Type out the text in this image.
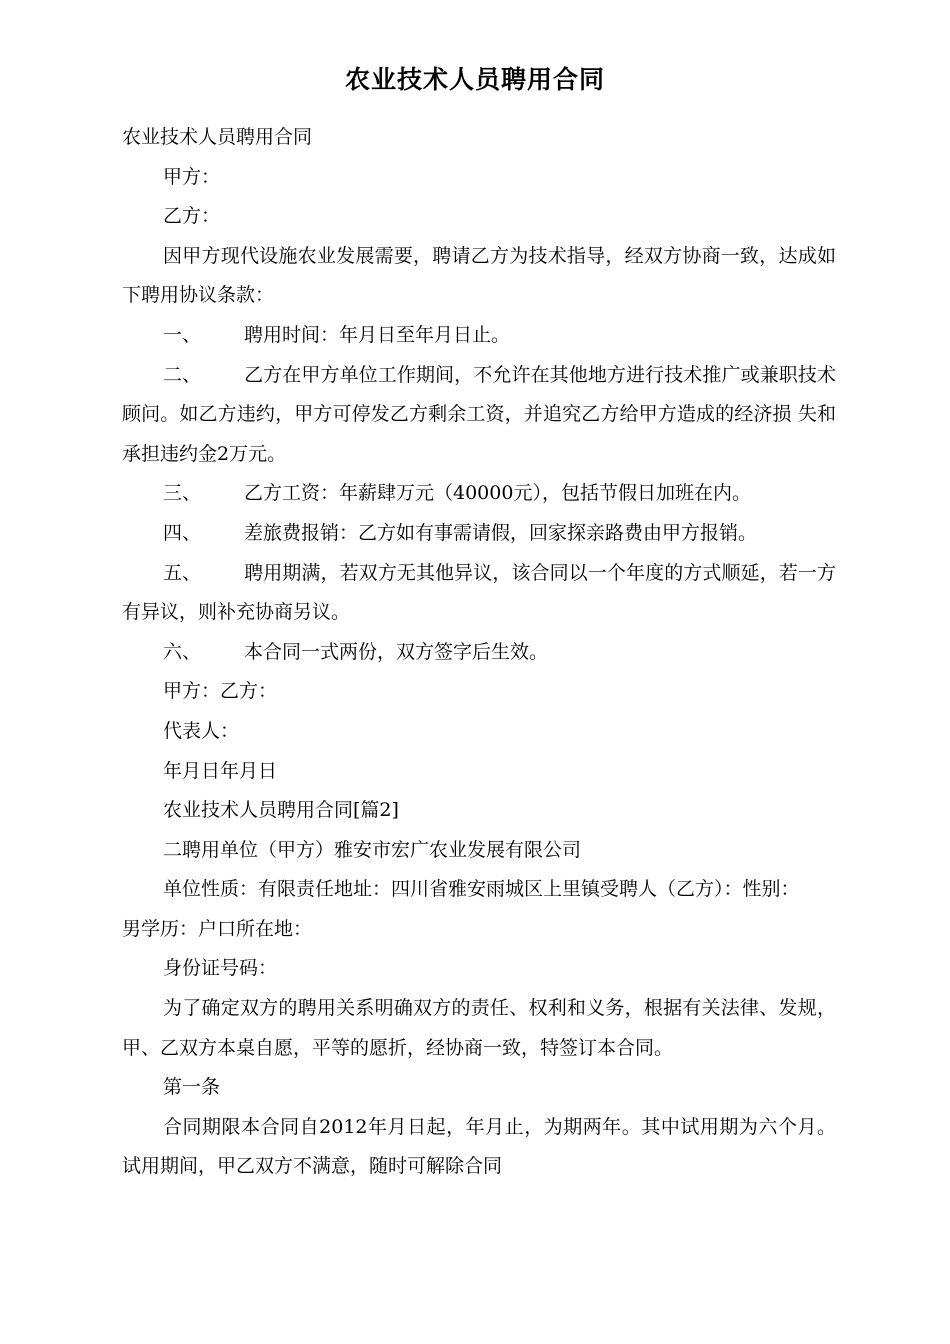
农业技术人员聘用合同

农业技术人员聘用合同

甲方：

乙方：

因甲方现代设施农业发展需要，聘请乙方为技术指导，经双方协商一致，达成如下聘用协议条款：

一、 聘用时间：年月日至年月日止。

二、 乙方在甲方单位工作期间，不允许在其他地方进行技术推广或兼职技术 顾问。如乙方违约，甲方可停发乙方剩余工资，并追究乙方给甲方造成的经济损 失和承担违约金2万元。

三、 乙方工资：年薪肆万元（40000元），包括节假日加班在内。

四、 差旅费报销：乙方如有事需请假，回家探亲路费由甲方报销。

五、 聘用期满，若双方无其他异议，该合同以一个年度的方式顺延，若一方 有异议，则补充协商另议。

六、 本合同一式两份，双方签字后生效。

甲方：乙方：

代表人：

年月日年月日

农业技术人员聘用合同[篇2]

二聘用单位（甲方）雅安市宏广农业发展有限公司

单位性质：有限责任地址：四川省雅安雨城区上里镇受聘人（乙方）：性别：

男学历：户口所在地：

身份证号码：

为了确定双方的聘用关系明确双方的责任、权利和义务，根据有关法律、发规，甲、乙双方本桌自愿，平等的愿折，经协商一致，特签订本合同。

第一条

合同期限本合同自2012年月日起，年月止，为期两年。其中试用期为六个月。试用期间，甲乙双方不满意，随时可解除合同
